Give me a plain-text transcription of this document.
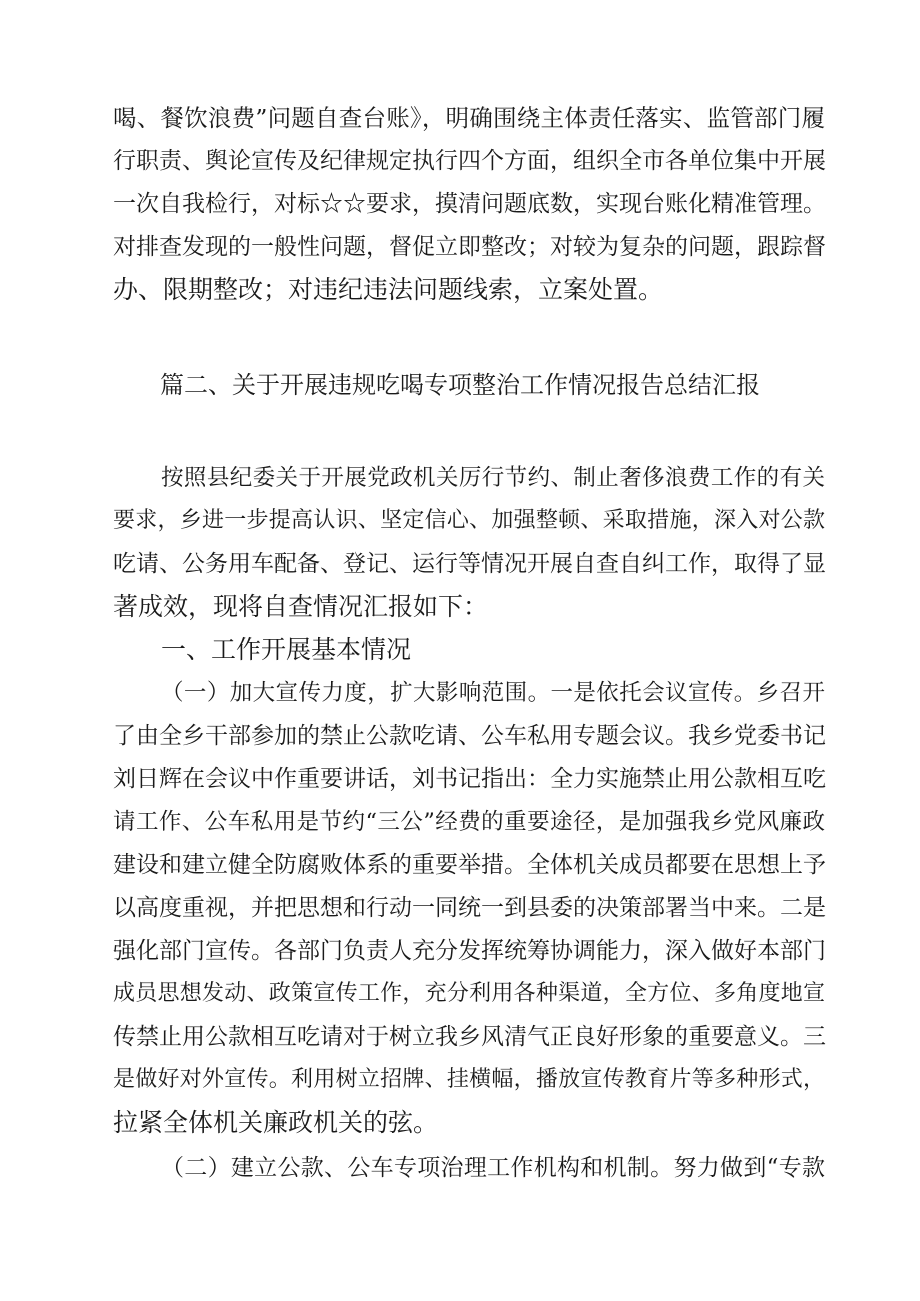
喝、餐饮浪费”问题自查台账》，明确围绕主体责任落实、监管部门履
行职责、舆论宣传及纪律规定执行四个方面，组织全市各单位集中开展
一次自我检行，对标☆☆要求，摸清问题底数，实现台账化精准管理。
对排查发现的一般性问题，督促立即整改；对较为复杂的问题，跟踪督
办、限期整改；对违纪违法问题线索，立案处置。
篇二、关于开展违规吃喝专项整治工作情况报告总结汇报
按照县纪委关于开展党政机关厉行节约、制止奢侈浪费工作的有关
要求，乡进一步提高认识、坚定信心、加强整顿、采取措施，深入对公款
吃请、公务用车配备、登记、运行等情况开展自查自纠工作，取得了显
著成效，现将自查情况汇报如下：
一、工作开展基本情况
（一）加大宣传力度，扩大影响范围。一是依托会议宣传。乡召开
了由全乡干部参加的禁止公款吃请、公车私用专题会议。我乡党委书记
刘日辉在会议中作重要讲话，刘书记指出：全力实施禁止用公款相互吃
请工作、公车私用是节约“三公”经费的重要途径，是加强我乡党风廉政
建设和建立健全防腐败体系的重要举措。全体机关成员都要在思想上予
以高度重视，并把思想和行动一同统一到县委的决策部署当中来。二是
强化部门宣传。各部门负责人充分发挥统筹协调能力，深入做好本部门
成员思想发动、政策宣传工作，充分利用各种渠道，全方位、多角度地宣
传禁止用公款相互吃请对于树立我乡风清气正良好形象的重要意义。三
是做好对外宣传。利用树立招牌、挂横幅，播放宣传教育片等多种形式，
拉紧全体机关廉政机关的弦。
（二）建立公款、公车专项治理工作机构和机制。努力做到“专款
